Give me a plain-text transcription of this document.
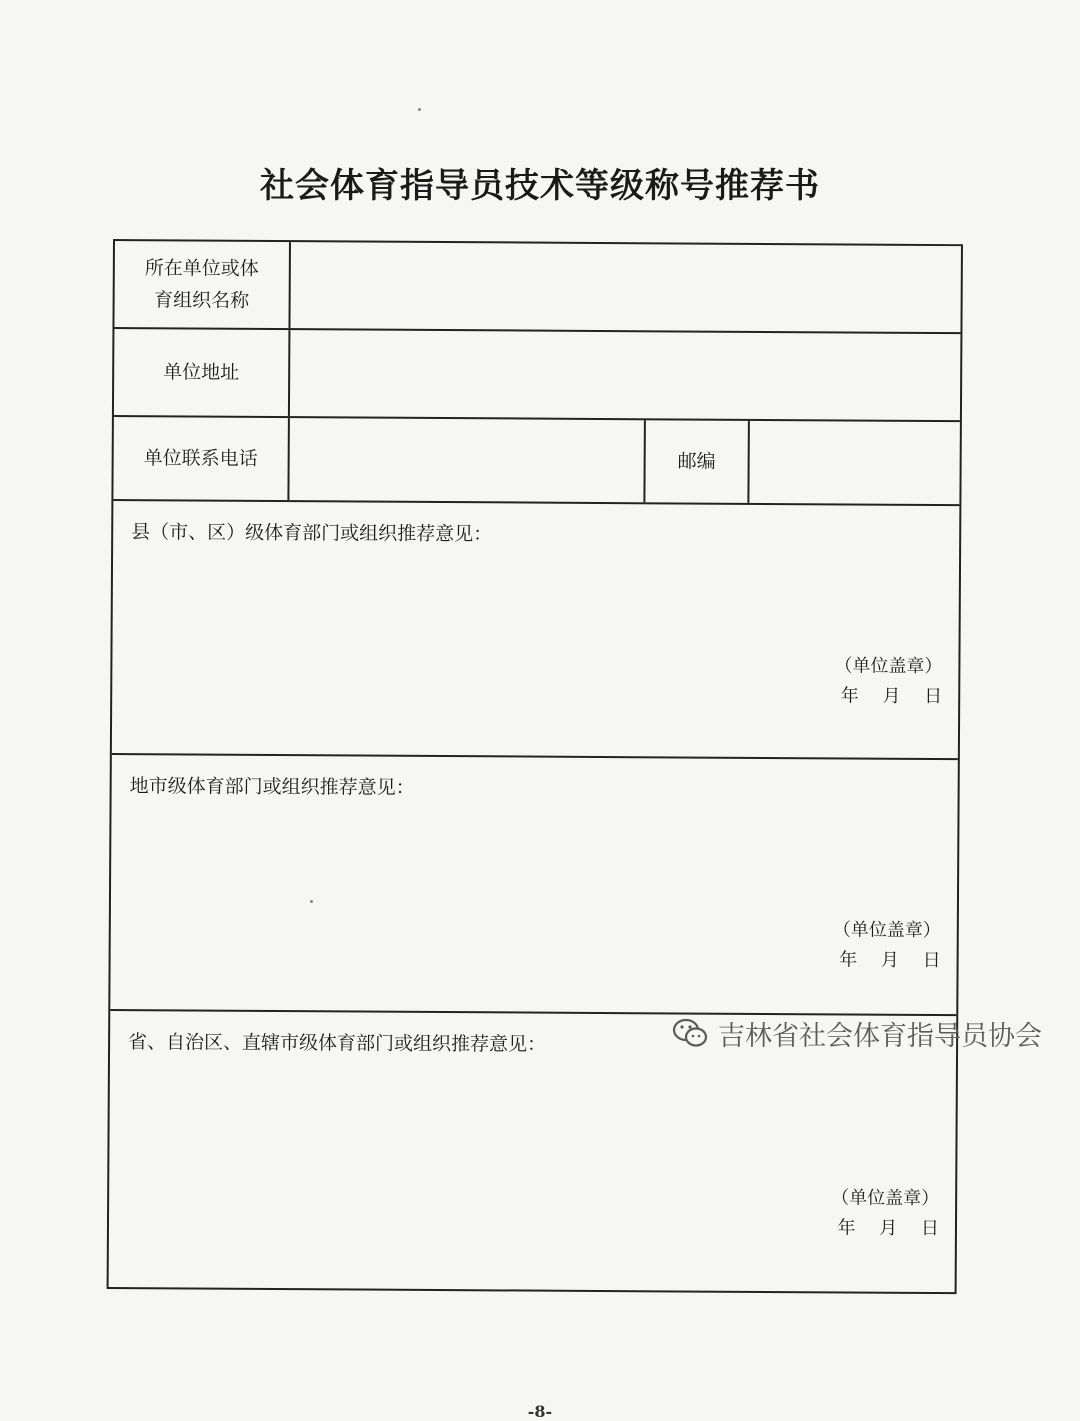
社会体育指导员技术等级称号推荐书
所在单位或体育组织名称
单位地址
单位联系电话	邮编
县（市、区）级体育部门或组织推荐意见：
（单位盖章）
年 月 日
地市级体育部门或组织推荐意见：
（单位盖章）
年 月 日
省、自治区、直辖市级体育部门或组织推荐意见：
（单位盖章）
年 月 日
吉林省社会体育指导员协会
-8-
